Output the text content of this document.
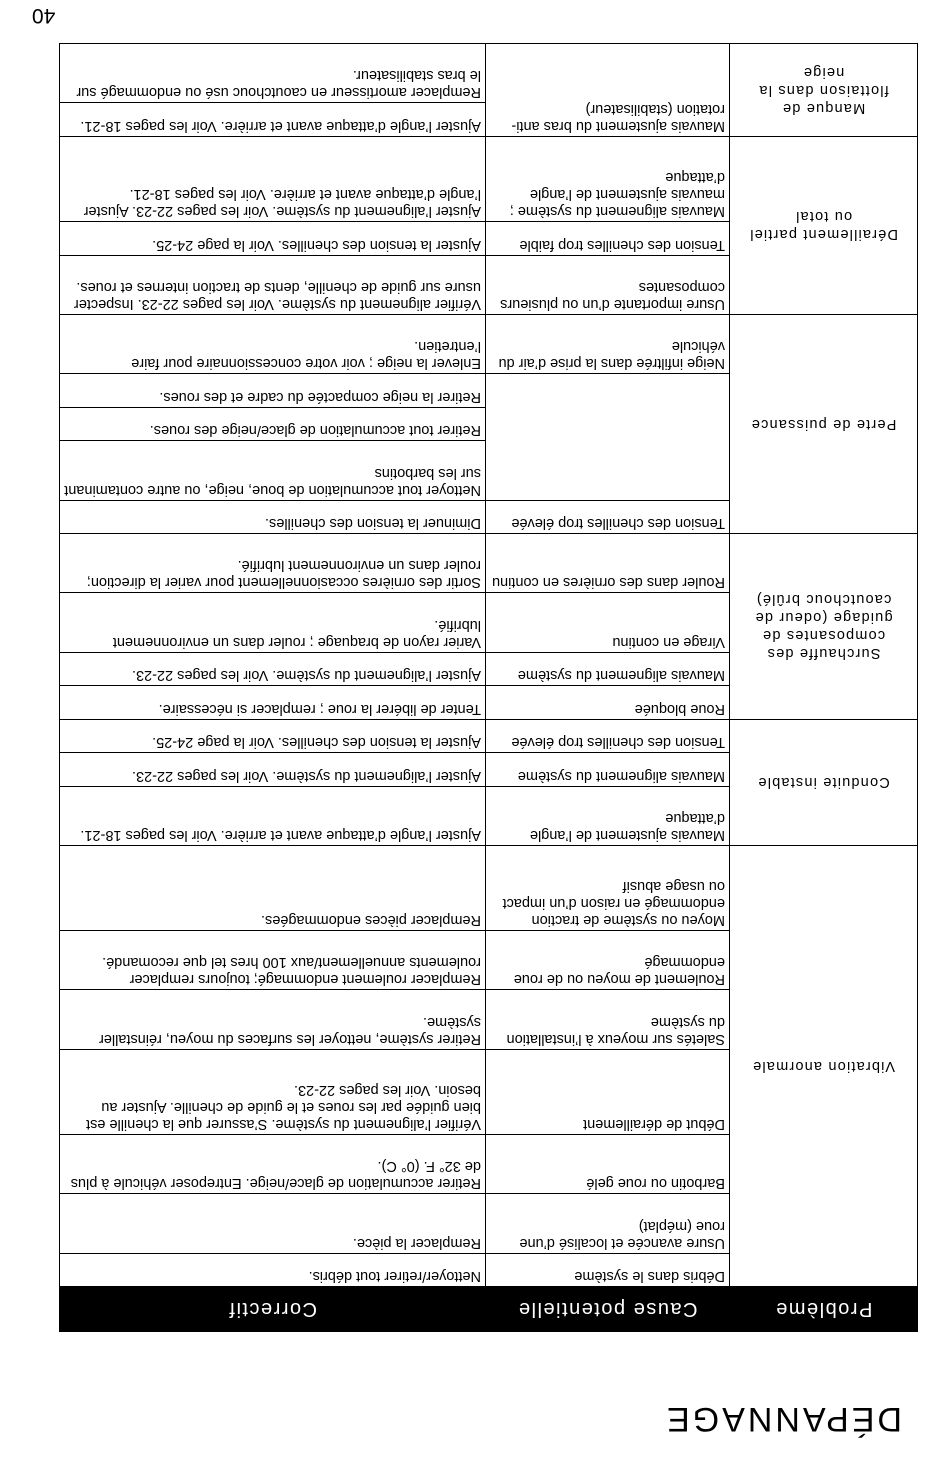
DÉPANNAGE
Problème	Cause potentielle	Correctif
Vibration anormale	Débris dans le système	Nettoyer/retirer tout débris.
	Usure avancée et localisé d’une roue (méplat)	Remplacer la pièce.
	Barbotin ou roue gelé	Retirer accumulation de glace/neige. Entreposer véhicule à plus de 32° F. (0° C).
	Début de déraillement	Vérifier l’alignement du système. S’assurer que la chenille est bien guidée par les roues et le guide de chenille. Ajuster au besoin. Voir les pages 22-23.
	Saletés sur moyeux à l’installation du système	Retirer système, nettoyer les surfaces du moyeu, réinstaller système.
	Roulement de moyeu ou de roue endommagé	Remplacer roulement endommagé; toujours remplacer roulements annuellement/aux 100 hres tel que recomandé.
	Moyeu ou système de traction endommagé en raison d’un impact ou usage abusif	Remplacer pièces endommagées.
Conduite instable	Mauvais ajustement de l’angle d’attaque	Ajuster l’angle d’attaque avant et arrière. Voir les pages 18-21.
	Mauvais alignement du système	Ajuster l’alignement du système. Voir les pages 22-23.
	Tension des chenilles trop élevée	Ajuster la tension des chenilles. Voir la page 24-25.
Surchauffe des composantes de guidage (odeur de caoutchouc brûlé)	Roue bloquée	Tenter de libérer la roue ; remplacer si nécessaire.
	Mauvais alignement du système	Ajuster l’alignement du système. Voir les pages 22-23.
	Virage en continu	Varier rayon de braquage ; rouler dans un environnement lubrifié.
	Rouler dans des ornières en continu	Sortir des ornières occasionnellement pour varier la direction; rouler dans un environnement lubrifié.
Perte de puissance	Tension des chenilles trop élevée	Diminuer la tension des chenilles.
		Nettoyer tout accumulation de boue, neige, ou autre contaminant sur les barbotins
		Retirer tout accumulation de glace/neige des roues.
		Retirer la neige compactée du cadre et des roues.
	Neige infiltrée dans la prise d’air du véhicule	Enlever la neige ; voir votre concessionnaire pour faire l’entretien.
Déraillement partiel ou total	Usure importante d’un ou plusieurs composantes	Vérifier alignement du système. Voir les pages 22-23. Inspecter usure sur guide de chenille, dents de traction internes et roues.
	Tension des chenilles trop faible	Ajuster la tension des chenilles. Voir la page 24-25.
	Mauvais alignement du système ; mauvais ajustement de l’angle d’attaque	Ajuster l’alignement du système. Voir les pages 22-23. Ajuster l’angle d’attaque avant et arrière. Voir les pages 18-21.
Manque de flottaison dans la neige	Mauvais ajustement du bras anti-rotation (stabilisateur)	Ajuster l’angle d’attaque avant et arrière. Voir les pages 18-21.
		Remplacer amortisseur en caoutchouc usé ou endommagé sur le bras stabilisateur.
40
